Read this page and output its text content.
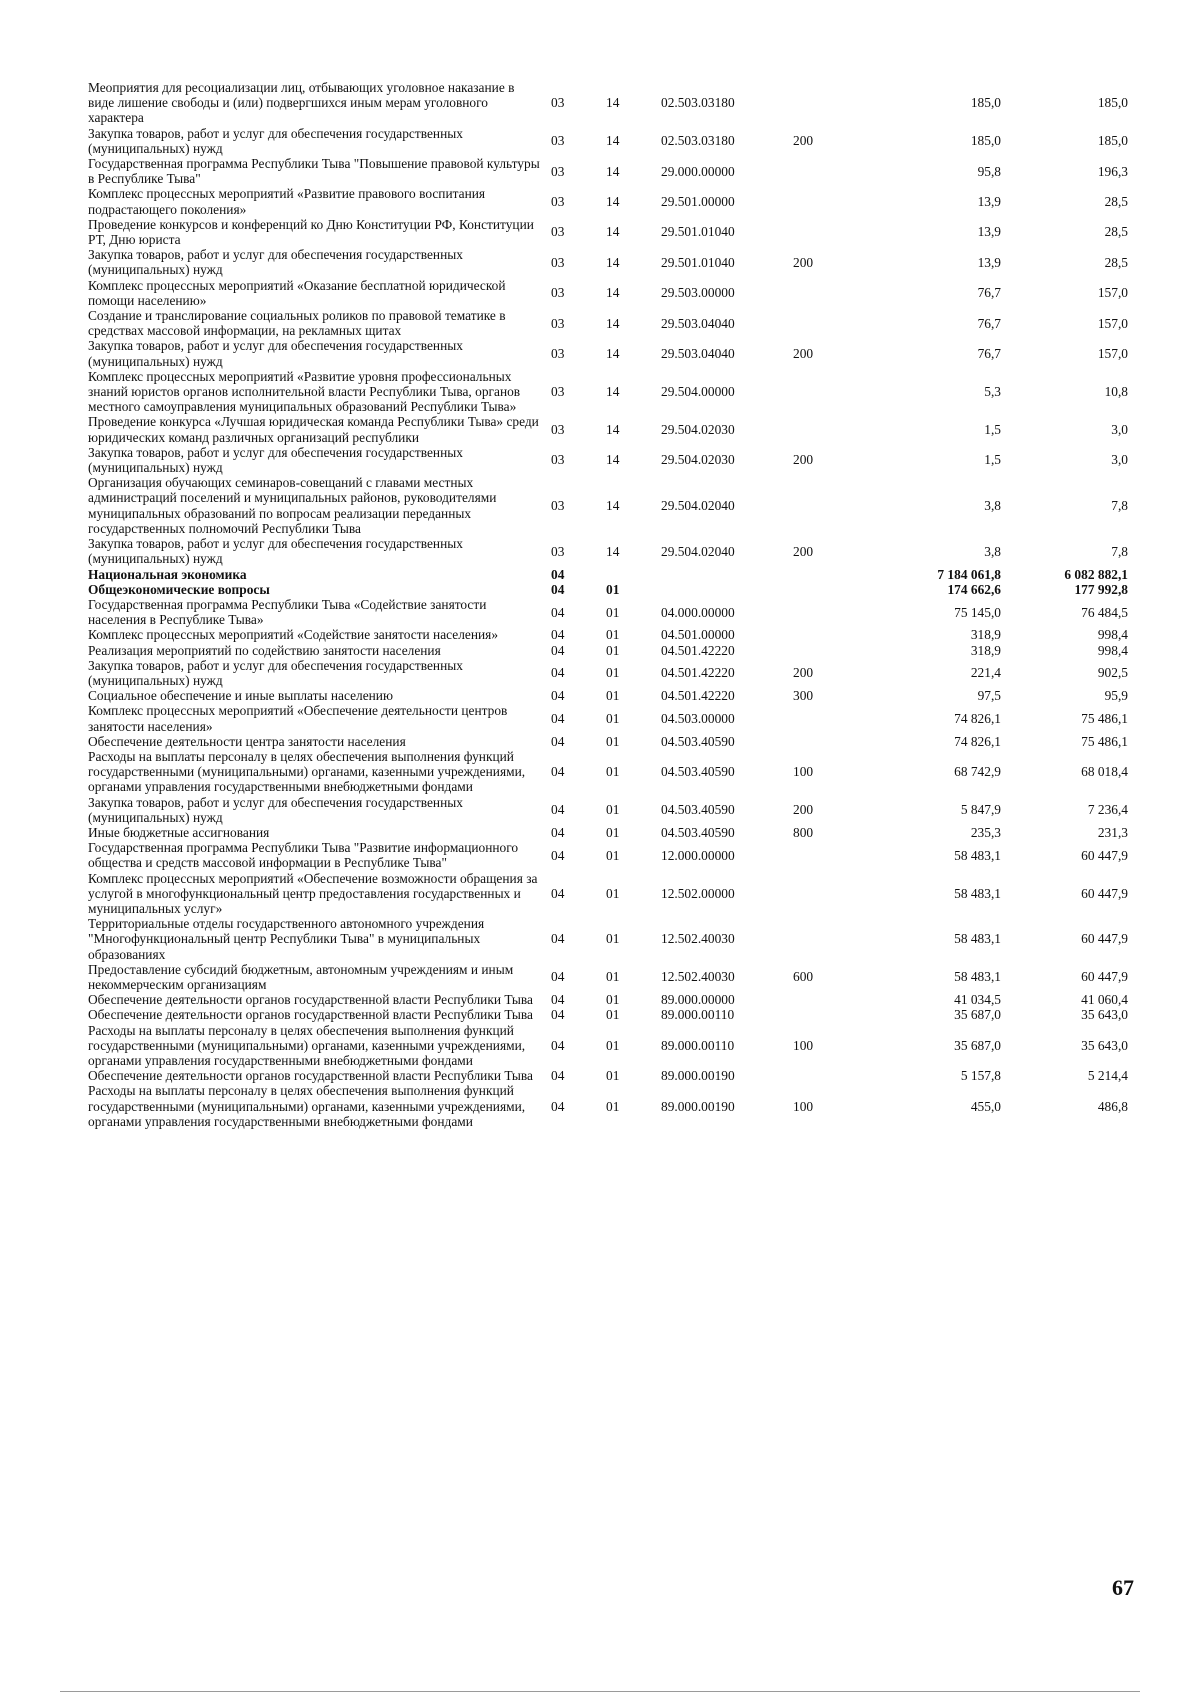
Меоприятия для ресоциализации лиц, отбывающих уголовное наказание в виде лишение свободы и (или) подвергшихся иным мерам уголовного характера	03	14	02.503.03180		185,0	185,0
Закупка товаров, работ и услуг для обеспечения государственных (муниципальных) нужд	03	14	02.503.03180	200	185,0	185,0
Государственная программа Республики Тыва "Повышение правовой культуры в Республике Тыва"	03	14	29.000.00000		95,8	196,3
Комплекс процессных мероприятий «Развитие правового воспитания подрастающего поколения»	03	14	29.501.00000		13,9	28,5
Проведение конкурсов и конференций ко Дню Конституции РФ, Конституции РТ, Дню юриста	03	14	29.501.01040		13,9	28,5
Закупка товаров, работ и услуг для обеспечения государственных (муниципальных) нужд	03	14	29.501.01040	200	13,9	28,5
Комплекс процессных мероприятий «Оказание бесплатной юридической помощи населению»	03	14	29.503.00000		76,7	157,0
Создание и транслирование социальных роликов по правовой тематике в средствах массовой информации, на рекламных щитах	03	14	29.503.04040		76,7	157,0
Закупка товаров, работ и услуг для обеспечения государственных (муниципальных) нужд	03	14	29.503.04040	200	76,7	157,0
Комплекс процессных мероприятий «Развитие уровня профессиональных знаний юристов органов исполнительной власти Республики Тыва, органов местного самоуправления муниципальных образований Республики Тыва»	03	14	29.504.00000		5,3	10,8
Проведение конкурса «Лучшая юридическая команда Республики Тыва» среди юридических команд различных организаций республики	03	14	29.504.02030		1,5	3,0
Закупка товаров, работ и услуг для обеспечения государственных (муниципальных) нужд	03	14	29.504.02030	200	1,5	3,0
Организация обучающих семинаров-совещаний с главами местных администраций поселений и муниципальных районов, руководителями муниципальных образований по вопросам реализации переданных государственных полномочий Республики Тыва	03	14	29.504.02040		3,8	7,8
Закупка товаров, работ и услуг для обеспечения государственных (муниципальных) нужд	03	14	29.504.02040	200	3,8	7,8
Национальная экономика	04				7 184 061,8	6 082 882,1
Общеэкономические вопросы	04	01			174 662,6	177 992,8
Государственная программа Республики Тыва «Содействие занятости населения в Республике Тыва»	04	01	04.000.00000		75 145,0	76 484,5
Комплекс процессных мероприятий «Содействие занятости населения»	04	01	04.501.00000		318,9	998,4
Реализация мероприятий по содействию занятости населения	04	01	04.501.42220		318,9	998,4
Закупка товаров, работ и услуг для обеспечения государственных (муниципальных) нужд	04	01	04.501.42220	200	221,4	902,5
Социальное обеспечение и иные выплаты населению	04	01	04.501.42220	300	97,5	95,9
Комплекс процессных мероприятий «Обеспечение деятельности центров занятости населения»	04	01	04.503.00000		74 826,1	75 486,1
Обеспечение деятельности центра занятости населения	04	01	04.503.40590		74 826,1	75 486,1
Расходы на выплаты персоналу в целях обеспечения выполнения функций государственными (муниципальными) органами, казенными учреждениями, органами управления государственными внебюджетными фондами	04	01	04.503.40590	100	68 742,9	68 018,4
Закупка товаров, работ и услуг для обеспечения государственных (муниципальных) нужд	04	01	04.503.40590	200	5 847,9	7 236,4
Иные бюджетные ассигнования	04	01	04.503.40590	800	235,3	231,3
Государственная программа Республики Тыва "Развитие информационного общества и средств массовой информации в Республике Тыва"	04	01	12.000.00000		58 483,1	60 447,9
Комплекс процессных мероприятий «Обеспечение возможности обращения за услугой в многофункциональный центр предоставления государственных и муниципальных услуг»	04	01	12.502.00000		58 483,1	60 447,9
Территориальные отделы государственного автономного учреждения "Многофункциональный центр Республики Тыва" в муниципальных образованиях	04	01	12.502.40030		58 483,1	60 447,9
Предоставление субсидий бюджетным, автономным учреждениям и иным некоммерческим организациям	04	01	12.502.40030	600	58 483,1	60 447,9
Обеспечение деятельности органов государственной власти Республики Тыва	04	01	89.000.00000		41 034,5	41 060,4
Обеспечение деятельности органов государственной власти Республики Тыва	04	01	89.000.00110		35 687,0	35 643,0
Расходы на выплаты персоналу в целях обеспечения выполнения функций государственными (муниципальными) органами, казенными учреждениями, органами управления государственными внебюджетными фондами	04	01	89.000.00110	100	35 687,0	35 643,0
Обеспечение деятельности органов государственной власти Республики Тыва	04	01	89.000.00190		5 157,8	5 214,4
Расходы на выплаты персоналу в целях обеспечения выполнения функций государственными (муниципальными) органами, казенными учреждениями, органами управления государственными внебюджетными фондами	04	01	89.000.00190	100	455,0	486,8
67
